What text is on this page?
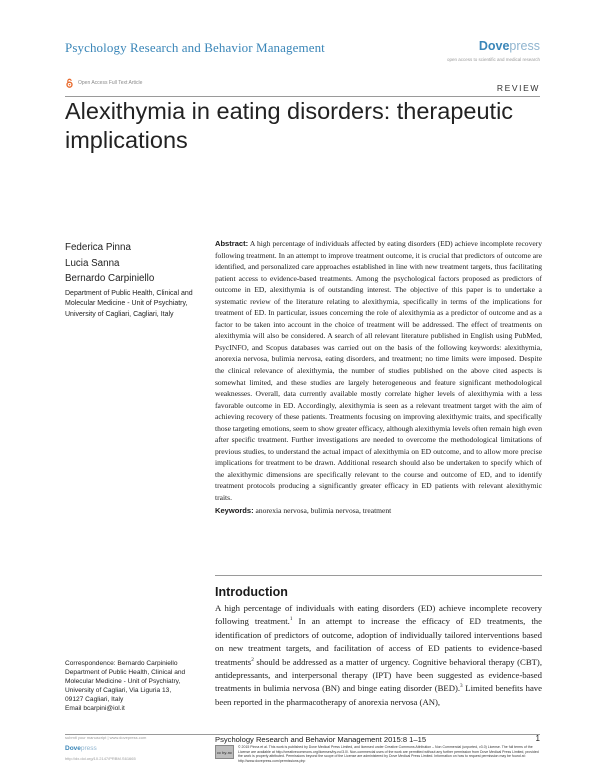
Psychology Research and Behavior Management	Dovepress
open access to scientific and medical research
Open Access Full Text Article	REVIEW
Alexithymia in eating disorders: therapeutic implications
Federica Pinna
Lucia Sanna
Bernardo Carpiniello
Department of Public Health, Clinical and Molecular Medicine - Unit of Psychiatry, University of Cagliari, Cagliari, Italy

Abstract: A high percentage of individuals affected by eating disorders (ED) achieve incomplete recovery following treatment. In an attempt to improve treatment outcome, it is crucial that predictors of outcome are identified, and personalized care approaches established in line with new treatment targets, thus facilitating patient access to evidence-based treatments. Among the psychological factors proposed as predictors of outcome in ED, alexithymia is of outstanding interest. The objective of this paper is to undertake a systematic review of the literature relating to alexithymia, specifically in terms of the implications for treatment of ED. In particular, issues concerning the role of alexithymia as a predictor of outcome and as a factor to be taken into account in the choice of treatment will be addressed. The effect of treatments on alexithymia will also be considered. A search of all relevant literature published in English using PubMed, PsycINFO, and Scopus databases was carried out on the basis of the following keywords: alexithymia, anorexia nervosa, bulimia nervosa, eating disorders, and treatment; no time limits were imposed. Despite the clinical relevance of alexithymia, the number of studies published on the above cited aspects is somewhat limited, and these studies are largely heterogeneous and feature significant methodological weaknesses. Overall, data currently available mostly correlate higher levels of alexithymia with a less favorable outcome in ED. Accordingly, alexithymia is seen as a relevant treatment target with the aim of achieving recovery of these patients. Treatments focusing on improving alexithymic traits, and specifically those targeting emotions, seem to show greater efficacy, although alexithymia levels often remain high even after specific treatment. Further investigations are needed to overcome the methodological limitations of previous studies, to understand the actual impact of alexithymia on ED outcome, and to allow more precise implications for treatment to be drawn. Additional research should also be undertaken to specify which of the alexithymic dimensions are specifically relevant to the course and outcome of ED, and to identify treatment protocols producing a significantly greater efficacy in ED patients with relevant alexithymic traits.

Keywords: anorexia nervosa, bulimia nervosa, treatment
Introduction

A high percentage of individuals with eating disorders (ED) achieve incomplete recovery following treatment.$^1$ In an attempt to increase the efficacy of ED treatments, the identification of predictors of outcome, adoption of individually tailored interventions based on new treatment targets, and facilitation of access of ED patients to evidence-based treatments$^2$ should be addressed as a matter of urgency. Cognitive behavioral therapy (CBT), antidepressants, and interpersonal therapy (IPT) have been suggested as evidence-based treatments in bulimia nervosa (BN) and binge eating disorder (BED).$^3$ Limited benefits have been reported in the pharmacotherapy of anorexia nervosa (AN),

Correspondence: Bernardo Carpiniello
Department of Public Health, Clinical and
Molecular Medicine - Unit of Psychiatry,
University of Cagliari, Via Liguria 13,
09127 Cagliari, Italy
Email bcarpini@iol.it
submit your manuscript | www.dovepress.com
Dovepress
http://dx.doi.org/10.2147/PRBM.S61665
Psychology Research and Behavior Management 2015:8 1–15	1
cc by-nc
© 2015 Pinna et al. This work is published by Dove Medical Press Limited, and licensed under Creative Commons Attribution – Non Commercial (unported, v3.0) License. The full terms of the License are available at http://creativecommons.org/licenses/by-nc/3.0/. Non-commercial uses of the work are permitted without any further permission from Dove Medical Press Limited, provided the work is properly attributed. Permissions beyond the scope of the License are administered by Dove Medical Press Limited. Information on how to request permission may be found at: http://www.dovepress.com/permissions.php
